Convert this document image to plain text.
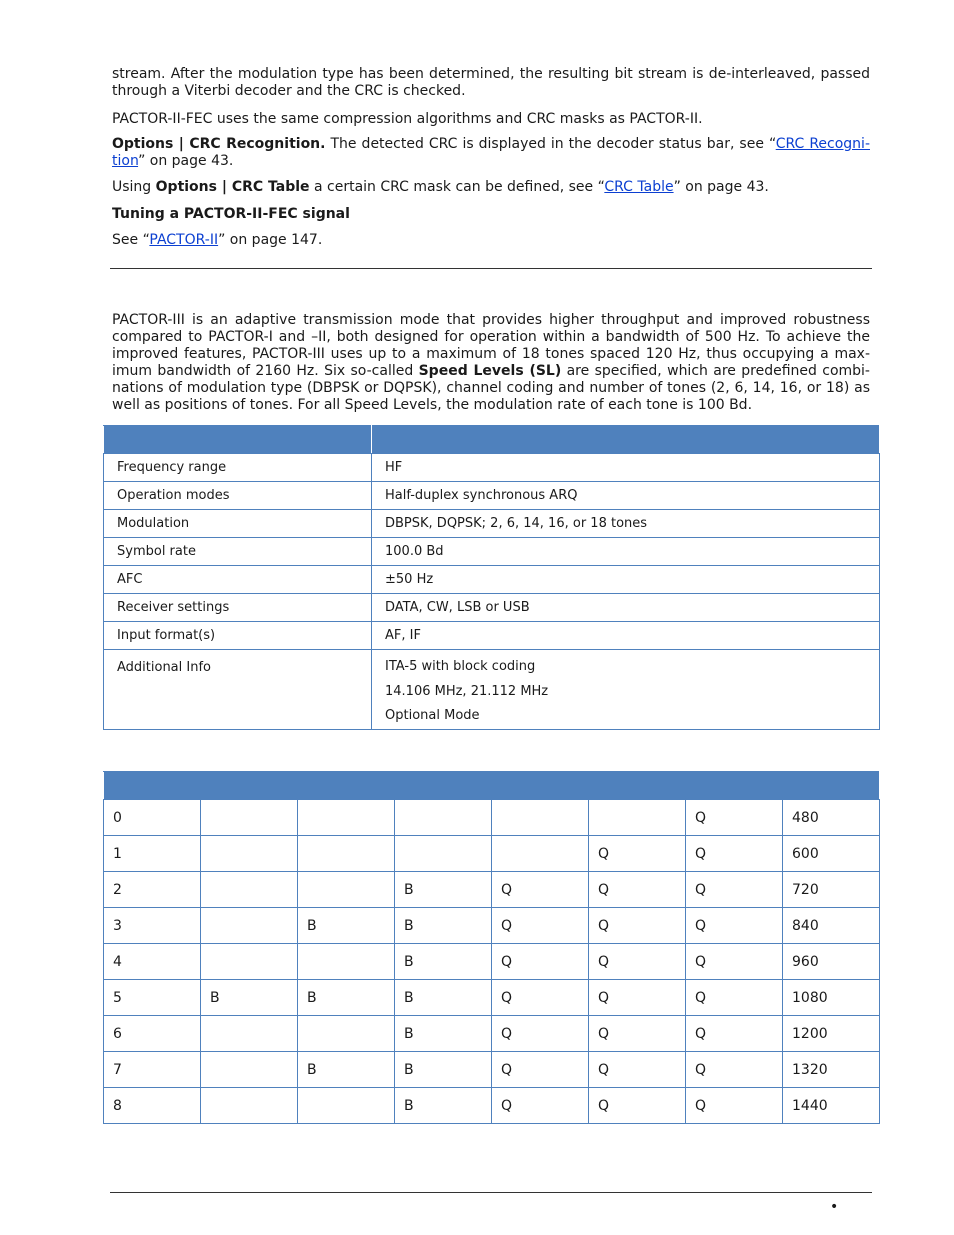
stream. After the modulation type has been determined, the resulting bit stream is de-interleaved, passed through a Viterbi decoder and the CRC is checked.

PACTOR-II-FEC uses the same compression algorithms and CRC masks as PACTOR-II.

Options | CRC Recognition. The detected CRC is displayed in the decoder status bar, see “CRC Recogni-tion” on page 43.

Using Options | CRC Table a certain CRC mask can be defined, see “CRC Table” on page 43.

Tuning a PACTOR-II-FEC signal

See “PACTOR-II” on page 147.

PACTOR-III is an adaptive transmission mode that provides higher throughput and improved robustness compared to PACTOR-I and –II, both designed for operation within a bandwidth of 500 Hz. To achieve the improved features, PACTOR-III uses up to a maximum of 18 tones spaced 120 Hz, thus occupying a max-imum bandwidth of 2160 Hz. Six so-called Speed Levels (SL) are specified, which are predefined combi-nations of modulation type (DBPSK or DQPSK), channel coding and number of tones (2, 6, 14, 16, or 18) as well as positions of tones. For all Speed Levels, the modulation rate of each tone is 100 Bd.

Frequency range	HF
Operation modes	Half-duplex synchronous ARQ
Modulation	DBPSK, DQPSK; 2, 6, 14, 16, or 18 tones
Symbol rate	100.0 Bd
AFC	±50 Hz
Receiver settings	DATA, CW, LSB or USB
Input format(s)	AF, IF

Additional Info	ITA-5 with block coding
14.106 MHz, 21.112 MHz
Optional Mode

0						Q	480
1					Q	Q	600
2			B	Q	Q	Q	720
3		B	B	Q	Q	Q	840
4			B	Q	Q	Q	960
5	B	B	B	Q	Q	Q	1080
6			B	Q	Q	Q	1200
7		B	B	Q	Q	Q	1320
8			B	Q	Q	Q	1440
•
